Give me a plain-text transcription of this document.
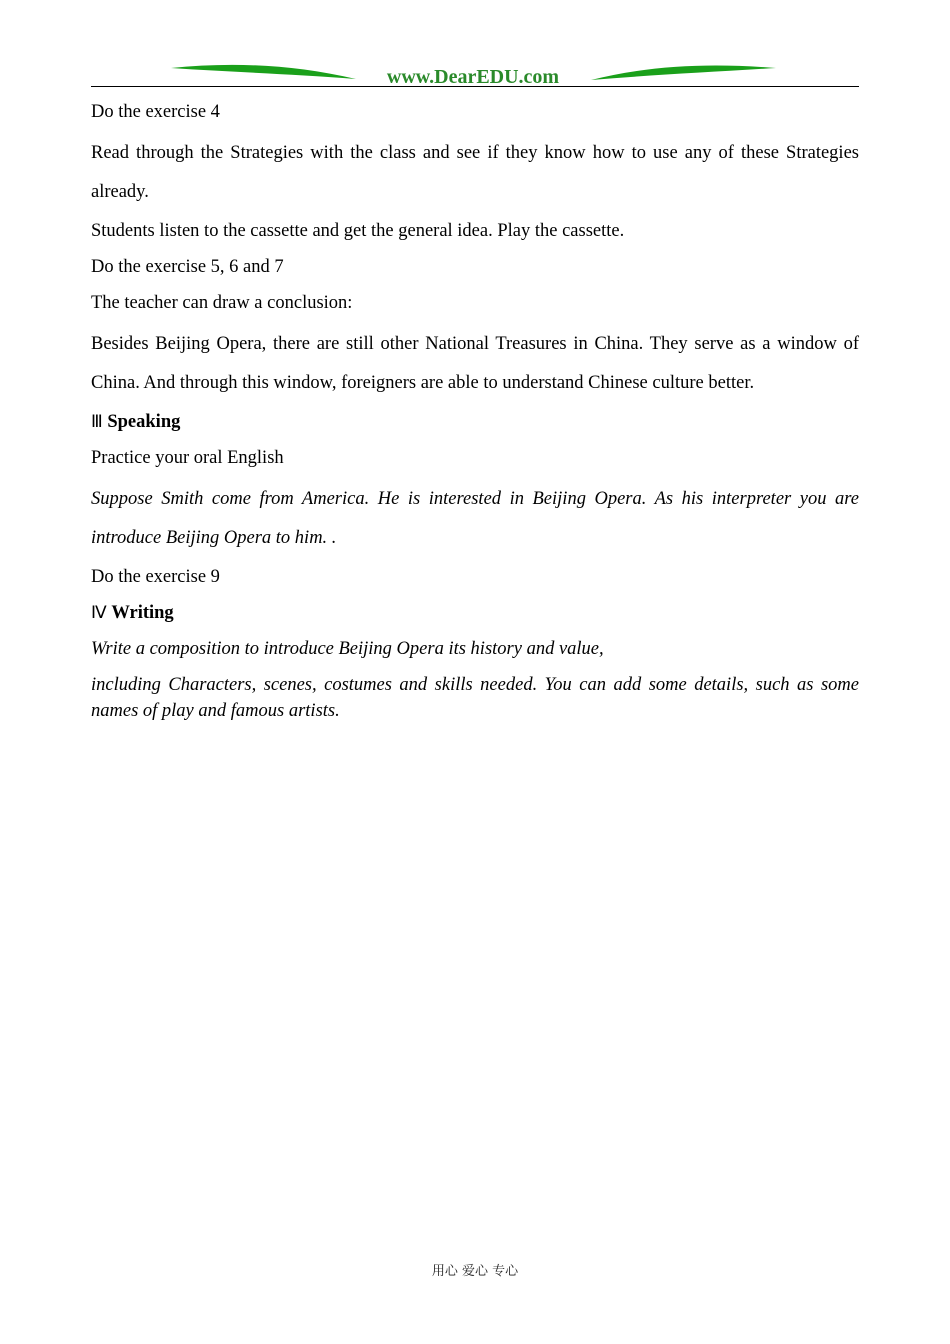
www.DearEDU.com

Do the exercise 4

Read through the Strategies with the class and see if they know how to use any of these Strategies already.

Students listen to the cassette and get the general idea. Play the cassette.

Do the exercise 5, 6 and 7

The teacher can draw a conclusion:

Besides Beijing Opera, there are still other National Treasures in China. They serve as a window of China. And through this window, foreigners are able to understand Chinese culture better.

Ⅲ Speaking

Practice your oral English

Suppose Smith come from America. He is interested in Beijing Opera. As his interpreter you are introduce Beijing Opera to him. .

Do the exercise 9

Ⅳ Writing

Write a composition to introduce Beijing Opera its history and value,

including Characters, scenes, costumes and skills needed. You can add some details, such as some names of play and famous artists.

用心 爱心 专心
